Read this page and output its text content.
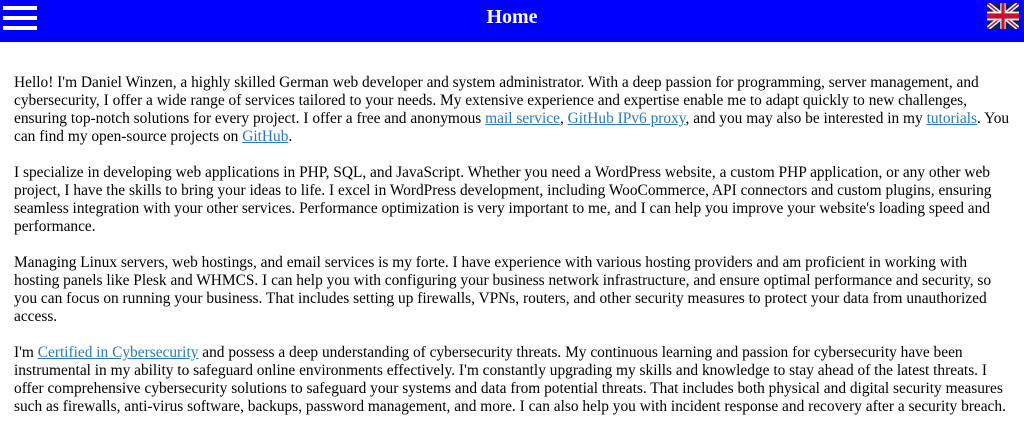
Home

Hello! I'm Daniel Winzen, a highly skilled German web developer and system administrator. With a deep passion for programming, server management, and cybersecurity, I offer a wide range of services tailored to your needs. My extensive experience and expertise enable me to adapt quickly to new challenges, ensuring top-notch solutions for every project. I offer a free and anonymous mail service, GitHub IPv6 proxy, and you may also be interested in my tutorials. You can find my open-source projects on GitHub.

I specialize in developing web applications in PHP, SQL, and JavaScript. Whether you need a WordPress website, a custom PHP application, or any other web project, I have the skills to bring your ideas to life. I excel in WordPress development, including WooCommerce, API connectors and custom plugins, ensuring seamless integration with your other services. Performance optimization is very important to me, and I can help you improve your website's loading speed and performance.

Managing Linux servers, web hostings, and email services is my forte. I have experience with various hosting providers and am proficient in working with hosting panels like Plesk and WHMCS. I can help you with configuring your business network infrastructure, and ensure optimal performance and security, so you can focus on running your business. That includes setting up firewalls, VPNs, routers, and other security measures to protect your data from unauthorized access.

I'm Certified in Cybersecurity and possess a deep understanding of cybersecurity threats. My continuous learning and passion for cybersecurity have been instrumental in my ability to safeguard online environments effectively. I'm constantly upgrading my skills and knowledge to stay ahead of the latest threats. I offer comprehensive cybersecurity solutions to safeguard your systems and data from potential threats. That includes both physical and digital security measures such as firewalls, anti-virus software, backups, password management, and more. I can also help you with incident response and recovery after a security breach.
